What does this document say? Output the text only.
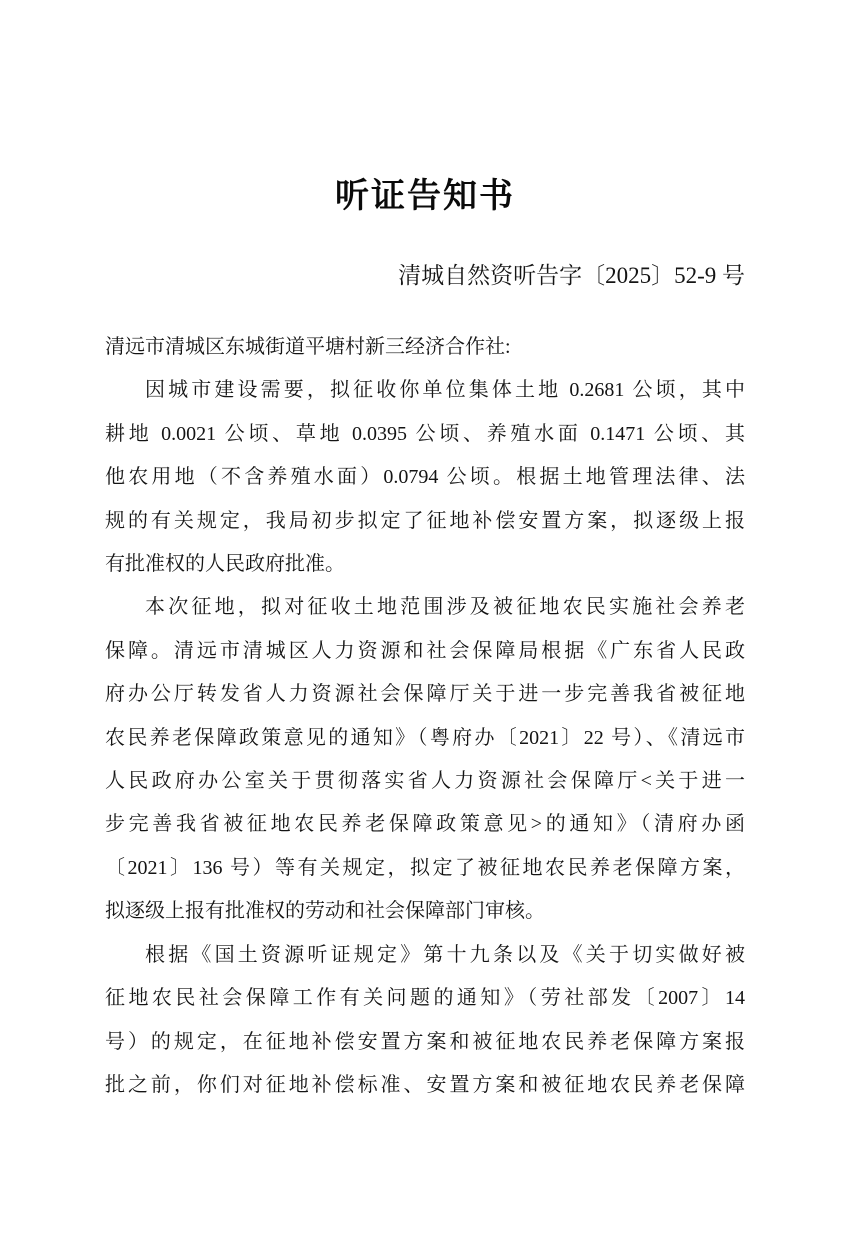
听证告知书
清城自然资听告字〔2025〕52-9 号
清远市清城区东城街道平塘村新三经济合作社:
因城市建设需要，拟征收你单位集体土地 0.2681 公顷，其中
耕地 0.0021 公顷、草地 0.0395 公顷、养殖水面 0.1471 公顷、其
他农用地（不含养殖水面）0.0794 公顷。根据土地管理法律、法
规的有关规定，我局初步拟定了征地补偿安置方案，拟逐级上报
有批准权的人民政府批准。
本次征地，拟对征收土地范围涉及被征地农民实施社会养老
保障。清远市清城区人力资源和社会保障局根据《广东省人民政
府办公厅转发省人力资源社会保障厅关于进一步完善我省被征地
农民养老保障政策意见的通知》（粤府办〔2021〕22 号）、《清远市
人民政府办公室关于贯彻落实省人力资源社会保障厅<关于进一
步完善我省被征地农民养老保障政策意见>的通知》（清府办函
〔2021〕136 号）等有关规定，拟定了被征地农民养老保障方案，
拟逐级上报有批准权的劳动和社会保障部门审核。
根据《国土资源听证规定》第十九条以及《关于切实做好被
征地农民社会保障工作有关问题的通知》（劳社部发〔2007〕14
号）的规定，在征地补偿安置方案和被征地农民养老保障方案报
批之前，你们对征地补偿标准、安置方案和被征地农民养老保障
